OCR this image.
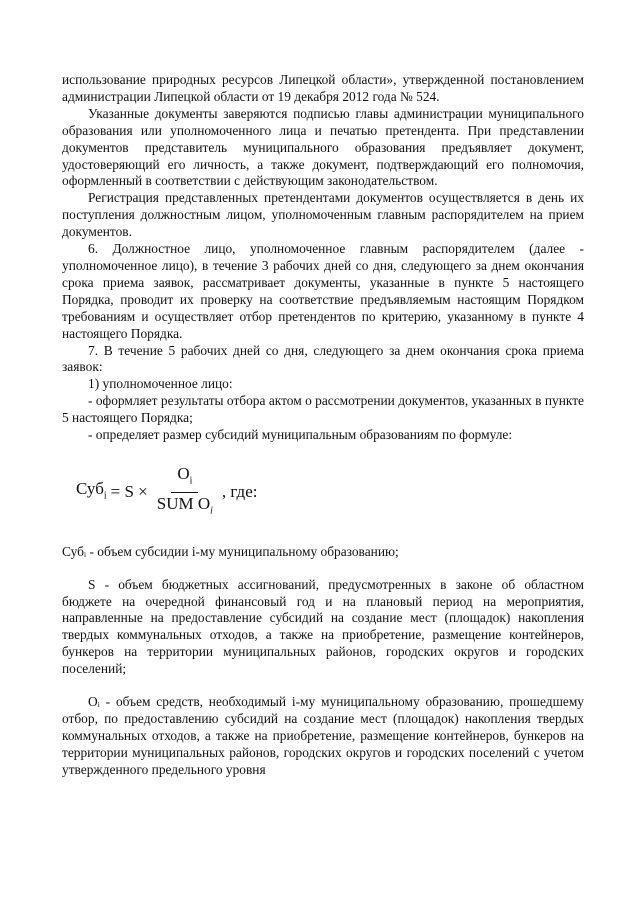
использование природных ресурсов Липецкой области», утвержденной постановлением администрации Липецкой области от 19 декабря 2012 года № 524.

Указанные документы заверяются подписью главы администрации муниципального образования или уполномоченного лица и печатью претендента. При представлении документов представитель муниципального образования предъявляет документ, удостоверяющий его личность, а также документ, подтверждающий его полномочия, оформленный в соответствии с действующим законодательством.

Регистрация представленных претендентами документов осуществляется в день их поступления должностным лицом, уполномоченным главным распорядителем на прием документов.

6. Должностное лицо, уполномоченное главным распорядителем (далее - уполномоченное лицо), в течение 3 рабочих дней со дня, следующего за днем окончания срока приема заявок, рассматривает документы, указанные в пункте 5 настоящего Порядка, проводит их проверку на соответствие предъявляемым настоящим Порядком требованиям и осуществляет отбор претендентов по критерию, указанному в пункте 4 настоящего Порядка.

7. В течение 5 рабочих дней со дня, следующего за днем окончания срока приема заявок:

1) уполномоченное лицо:

- оформляет результаты отбора актом о рассмотрении документов, указанных в пункте 5 настоящего Порядка;

- определяет размер субсидий муниципальным образованиям по формуле:

$Суб_i = S \times \frac{O_i}{SUM O_i}$ , где:

Субᵢ - объем субсидии i-му муниципальному образованию;

S - объем бюджетных ассигнований, предусмотренных в законе об областном бюджете на очередной финансовый год и на плановый период на мероприятия, направленные на предоставление субсидий на создание мест (площадок) накопления твердых коммунальных отходов, а также на приобретение, размещение контейнеров, бункеров на территории муниципальных районов, городских округов и городских поселений;

Oᵢ - объем средств, необходимый i-му муниципальному образованию, прошедшему отбор, по предоставлению субсидий на создание мест (площадок) накопления твердых коммунальных отходов, а также на приобретение, размещение контейнеров, бункеров на территории муниципальных районов, городских округов и городских поселений с учетом утвержденного предельного уровня
